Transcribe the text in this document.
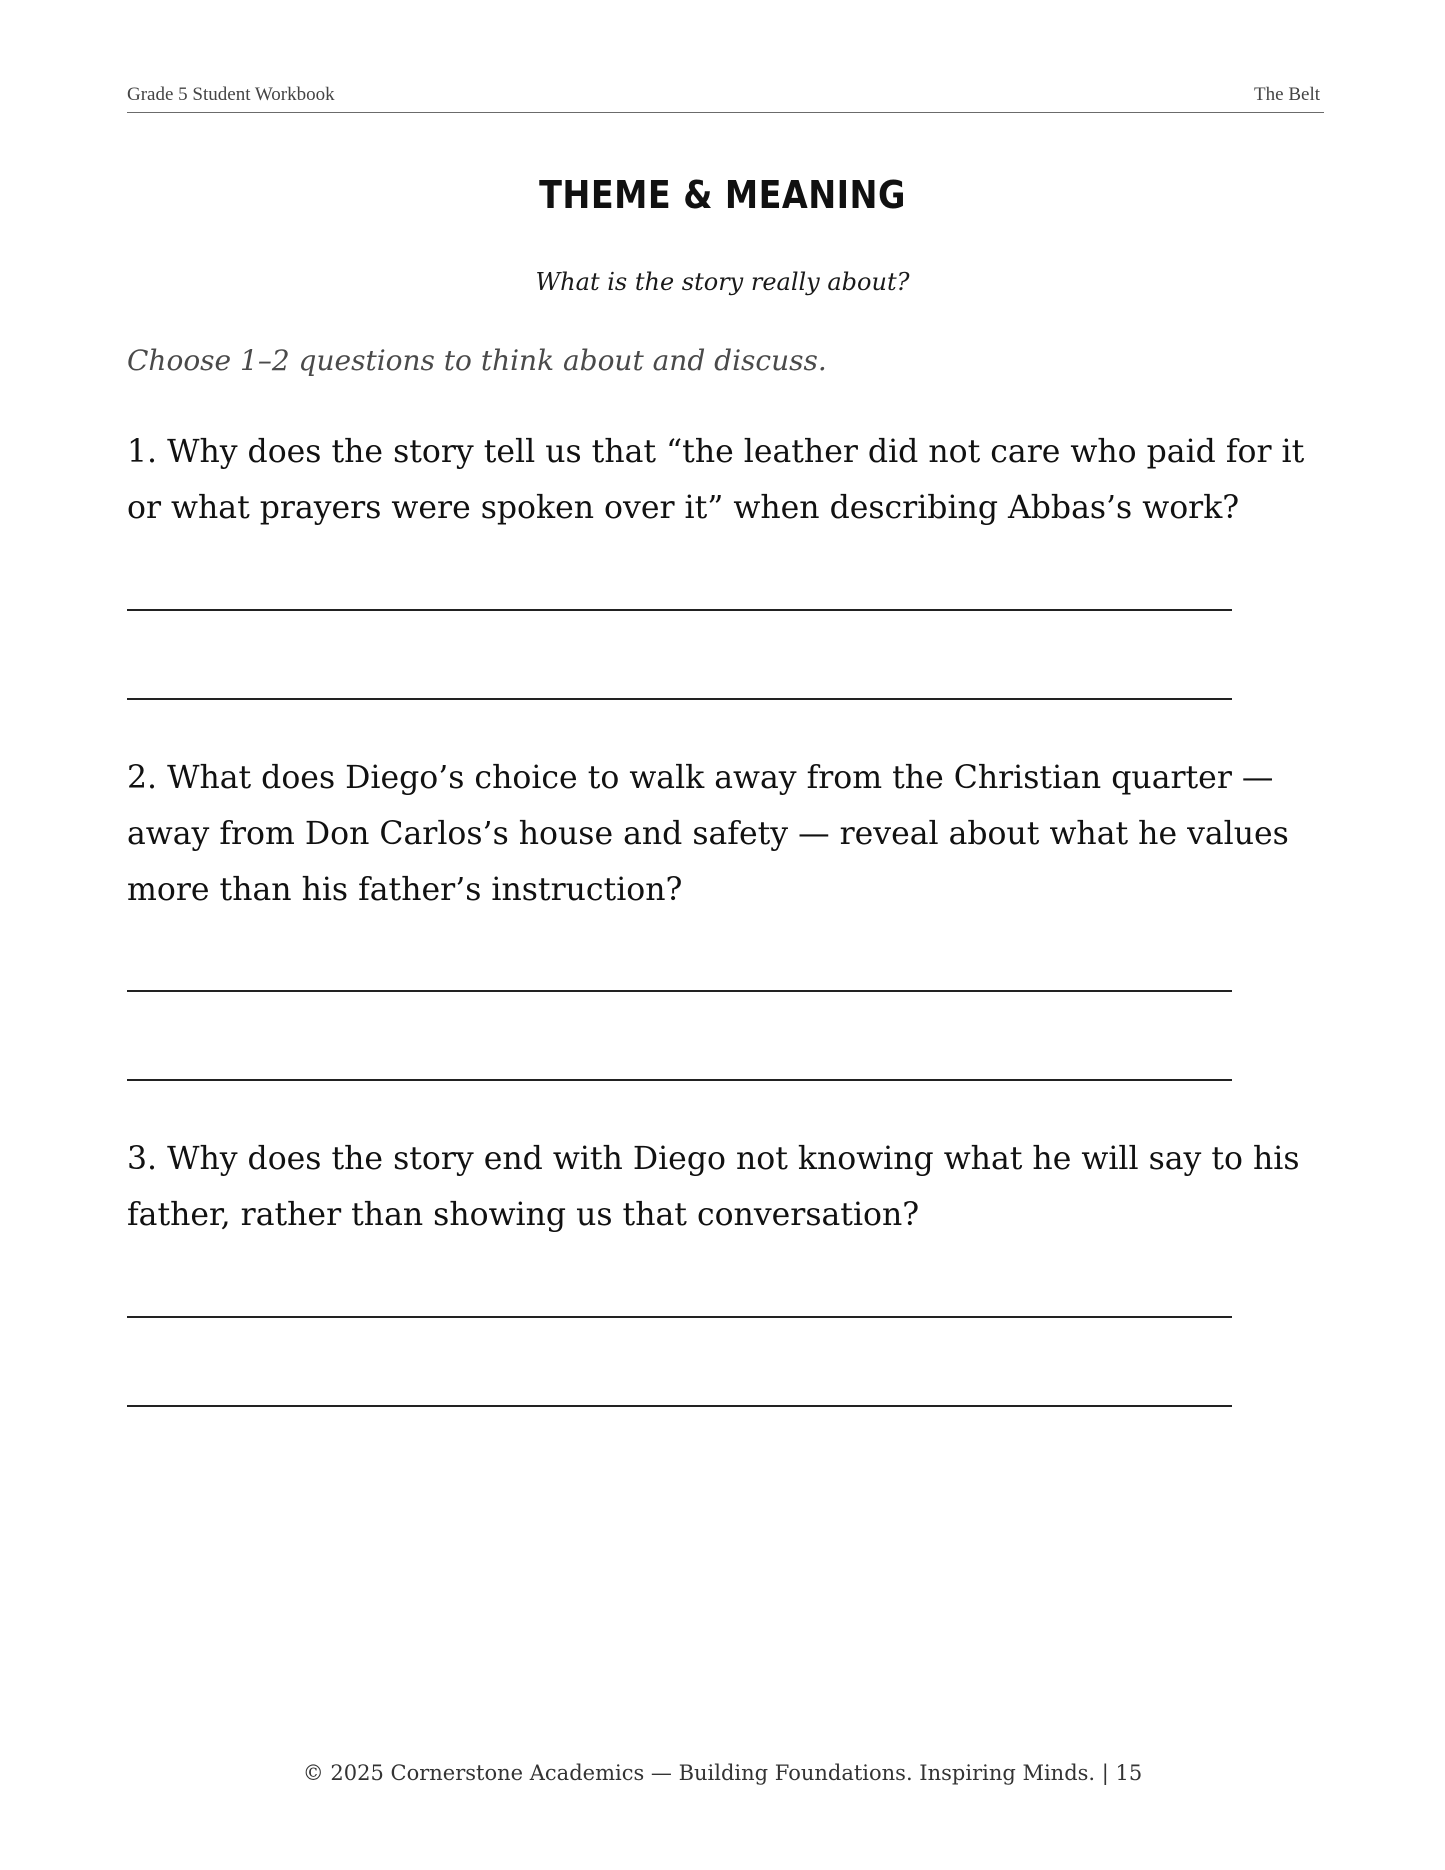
Grade 5 Student Workbook	The Belt
THEME & MEANING
What is the story really about?
Choose 1–2 questions to think about and discuss.
1. Why does the story tell us that “the leather did not care who paid for it or what prayers were spoken over it” when describing Abbas’s work?
2. What does Diego’s choice to walk away from the Christian quarter — away from Don Carlos’s house and safety — reveal about what he values more than his father’s instruction?
3. Why does the story end with Diego not knowing what he will say to his father, rather than showing us that conversation?
© 2025 Cornerstone Academics — Building Foundations. Inspiring Minds. | 15
